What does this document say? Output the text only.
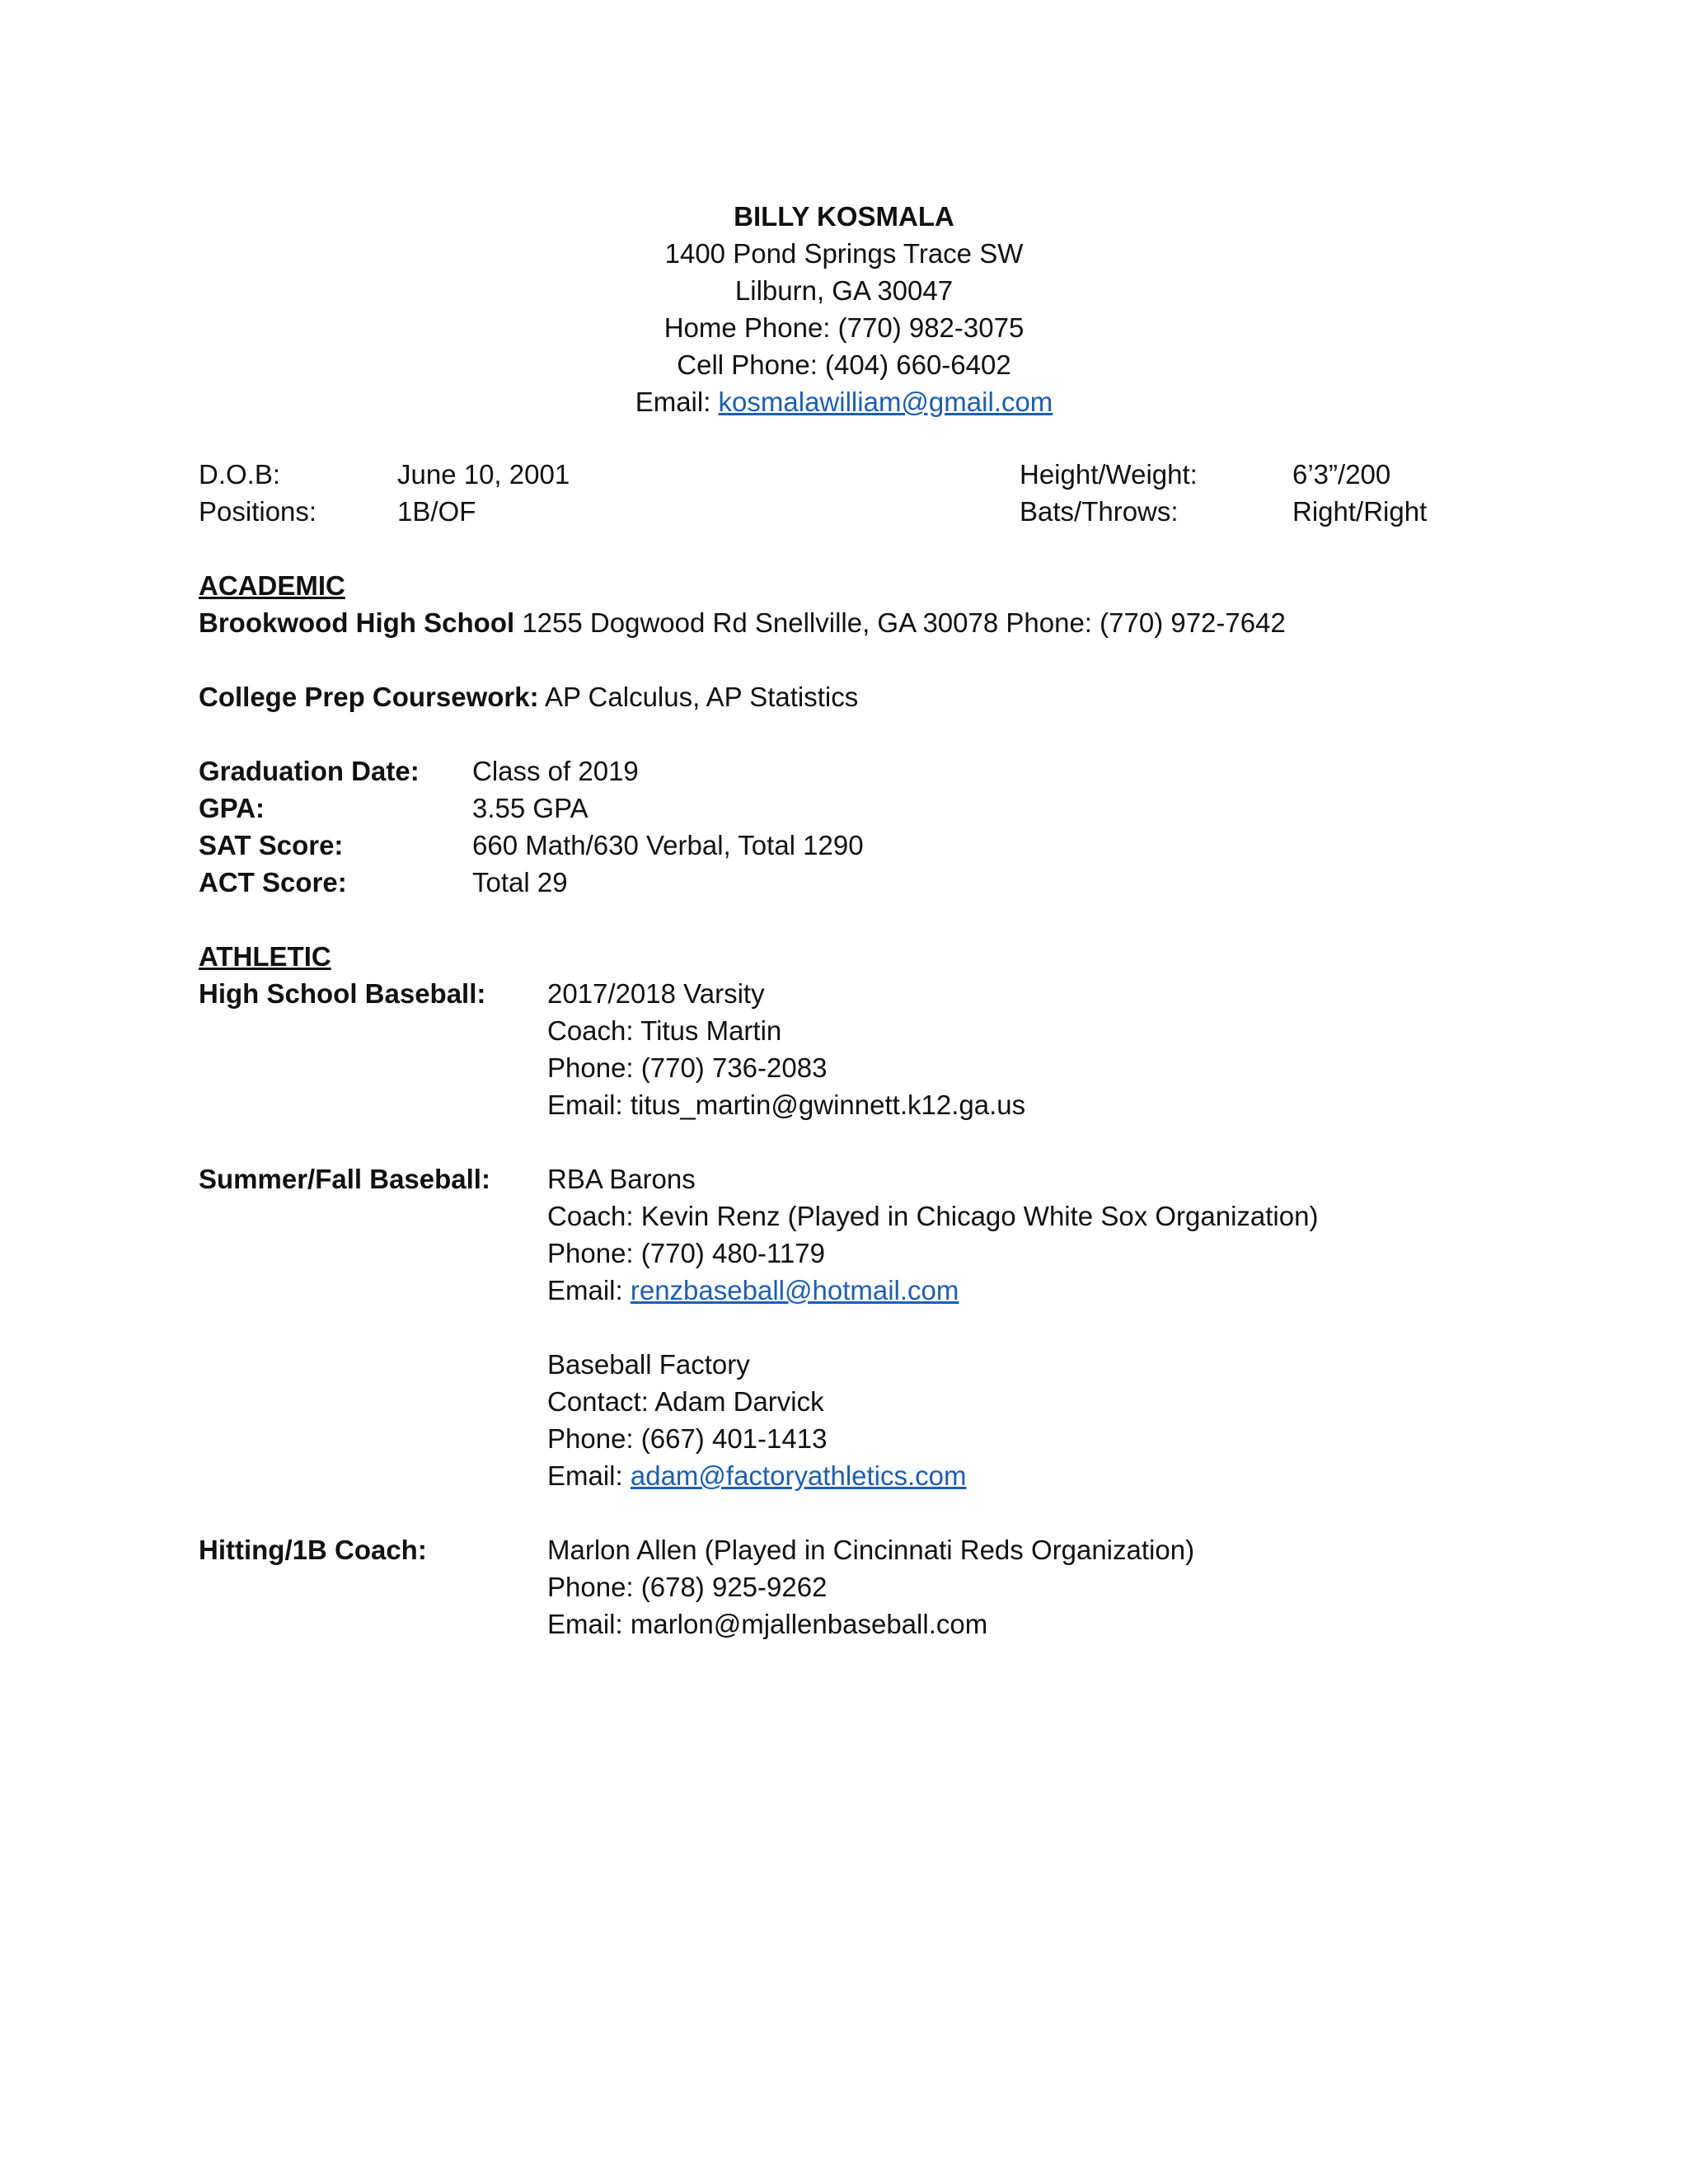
BILLY KOSMALA
1400 Pond Springs Trace SW
Lilburn, GA 30047
Home Phone: (770) 982-3075
Cell Phone: (404) 660-6402
Email: kosmalawilliam@gmail.com
D.O.B:	June 10, 2001	Height/Weight:	6’3”/200
Positions:	1B/OF	Bats/Throws:	Right/Right
ACADEMIC
Brookwood High School 1255 Dogwood Rd Snellville, GA 30078 Phone: (770) 972-7642
College Prep Coursework: AP Calculus, AP Statistics
Graduation Date: Class of 2019
GPA:	3.55 GPA
SAT Score:	660 Math/630 Verbal, Total 1290
ACT Score:	Total 29
ATHLETIC
High School Baseball: 2017/2018 Varsity
Coach: Titus Martin
Phone: (770) 736-2083
Email: titus_martin@gwinnett.k12.ga.us
Summer/Fall Baseball: RBA Barons
Coach: Kevin Renz (Played in Chicago White Sox Organization)
Phone: (770) 480-1179
Email: renzbaseball@hotmail.com
Baseball Factory
Contact: Adam Darvick
Phone: (667) 401-1413
Email: adam@factoryathletics.com
Hitting/1B Coach:	Marlon Allen (Played in Cincinnati Reds Organization)
Phone: (678) 925-9262
Email: marlon@mjallenbaseball.com
